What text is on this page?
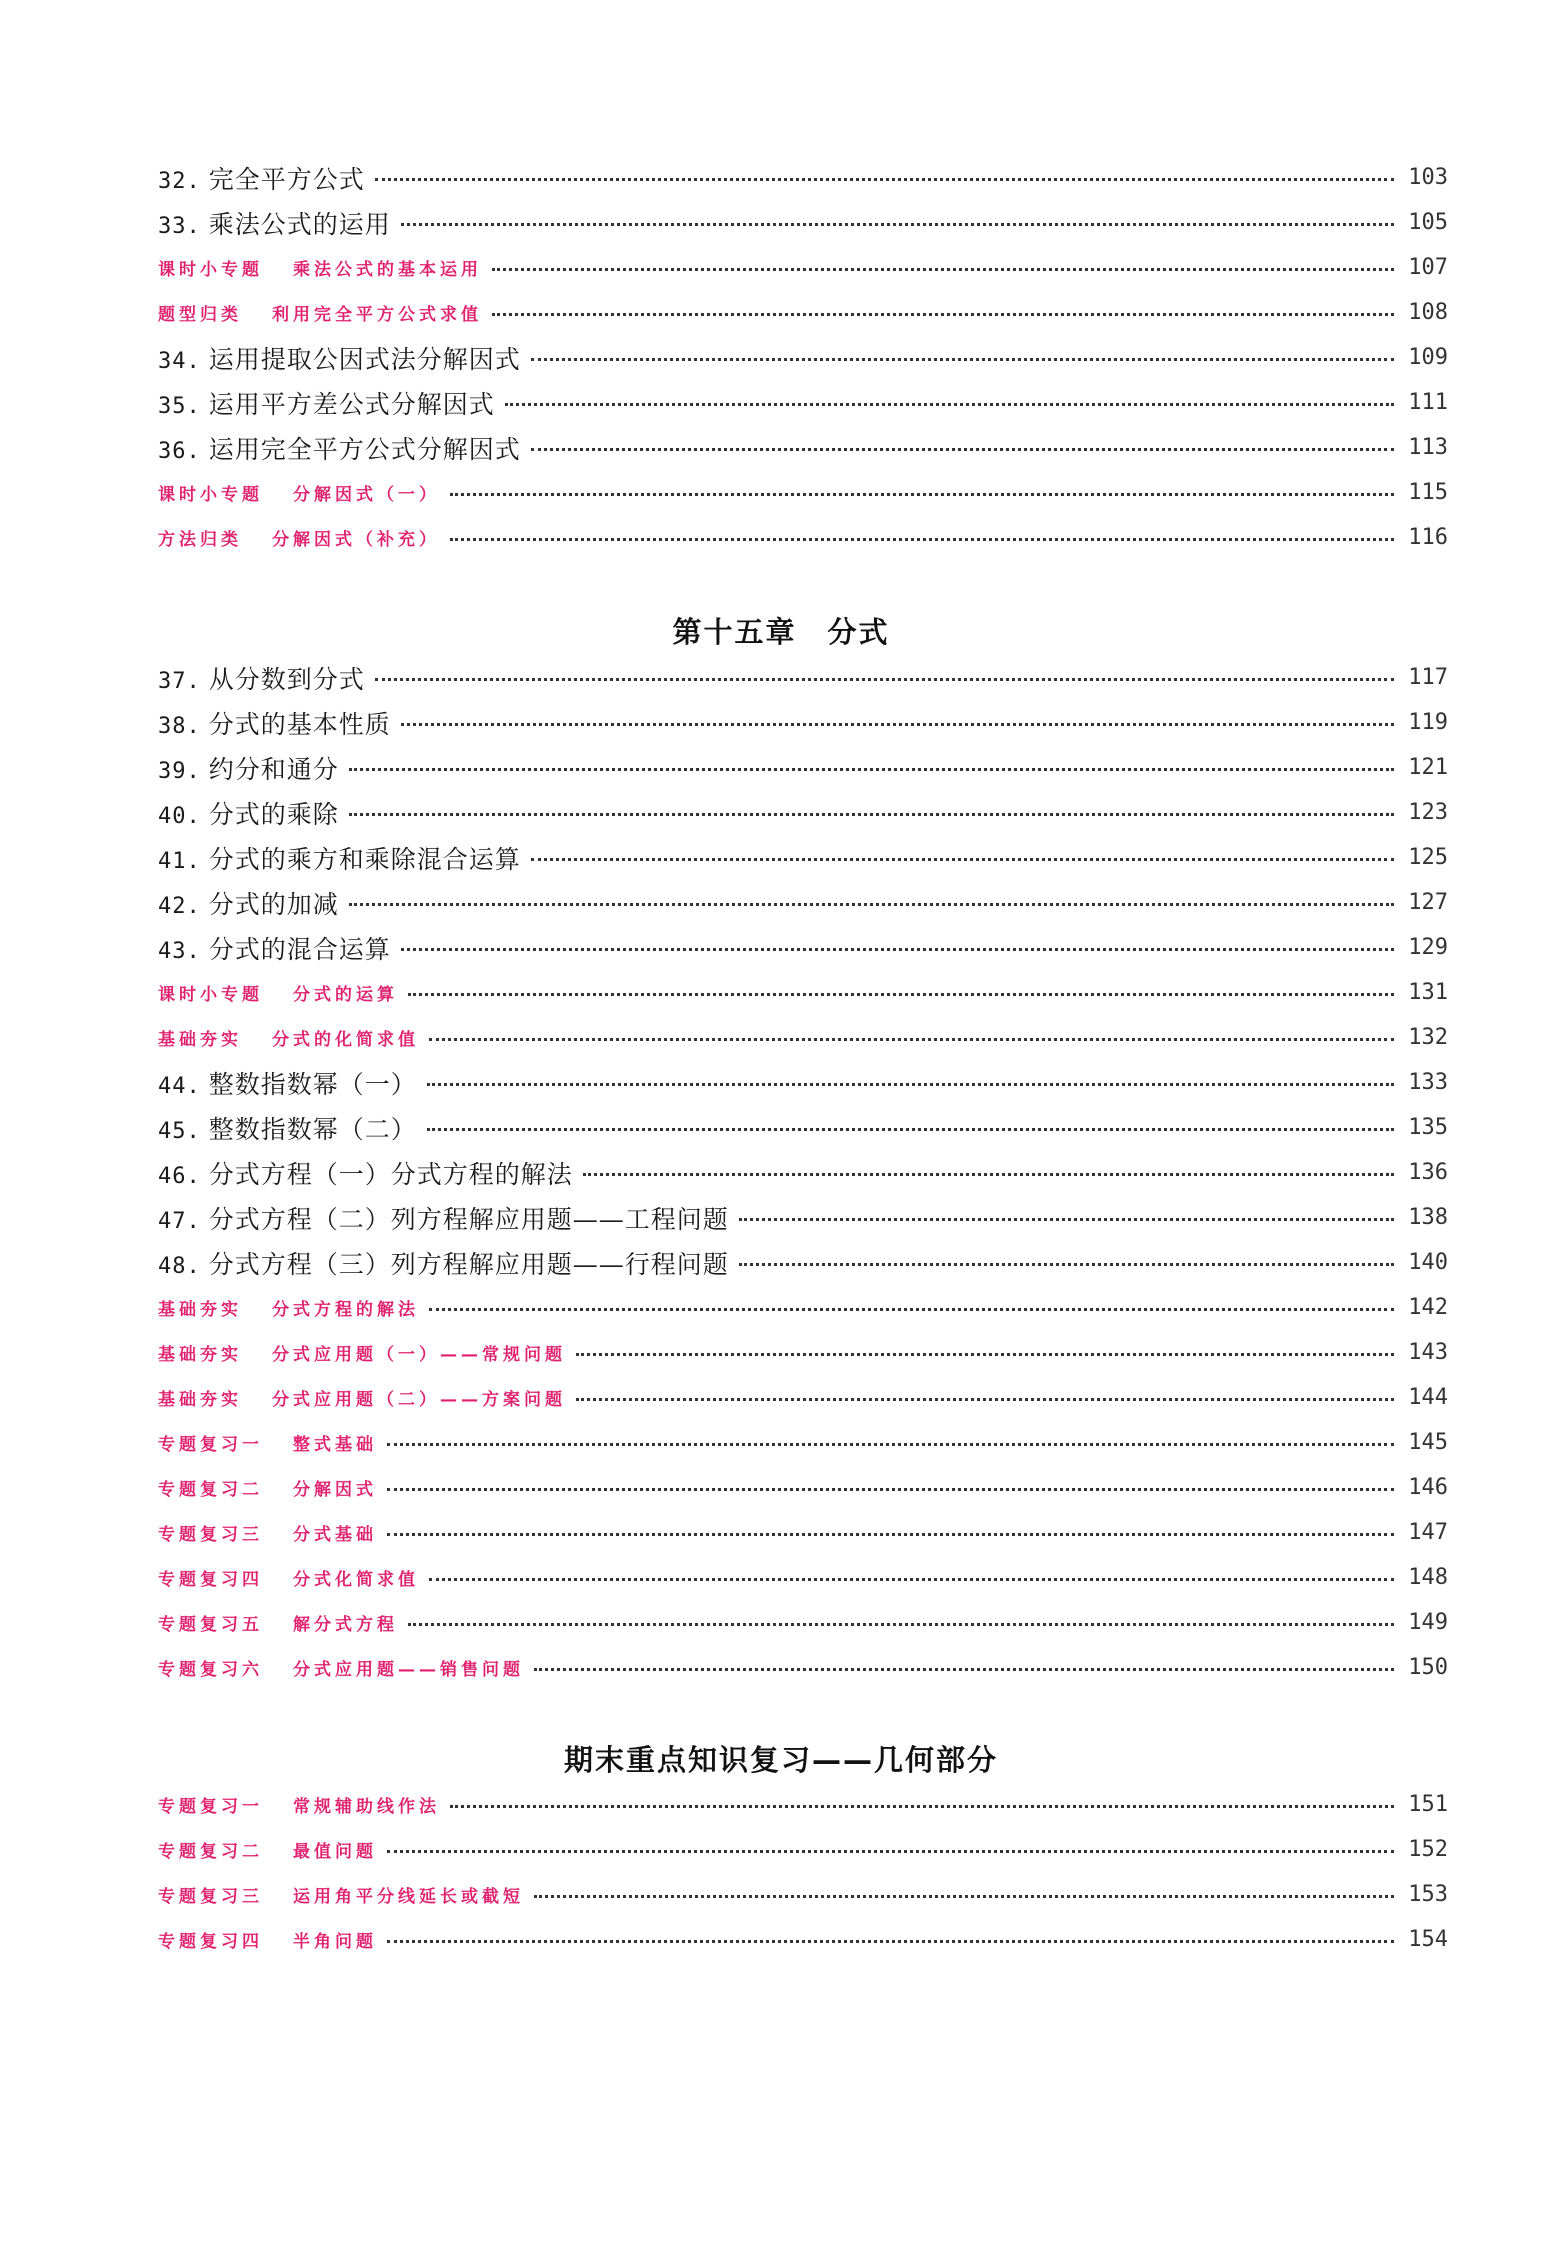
32. 完全平方公式	103
33. 乘法公式的运用	105
课时小专题 乘法公式的基本运用	107
题型归类 利用完全平方公式求值	108
34. 运用提取公因式法分解因式	109
35. 运用平方差公式分解因式	111
36. 运用完全平方公式分解因式	113
课时小专题 分解因式（一）	115
方法归类 分解因式（补充）	116
第十五章　分式
37. 从分数到分式	117
38. 分式的基本性质	119
39. 约分和通分	121
40. 分式的乘除	123
41. 分式的乘方和乘除混合运算	125
42. 分式的加减	127
43. 分式的混合运算	129
课时小专题 分式的运算	131
基础夯实 分式的化简求值	132
44. 整数指数幂（一）	133
45. 整数指数幂（二）	135
46. 分式方程（一）分式方程的解法	136
47. 分式方程（二）列方程解应用题——工程问题	138
48. 分式方程（三）列方程解应用题——行程问题	140
基础夯实 分式方程的解法	142
基础夯实 分式应用题（一）——常规问题	143
基础夯实 分式应用题（二）——方案问题	144
专题复习一 整式基础	145
专题复习二 分解因式	146
专题复习三 分式基础	147
专题复习四 分式化简求值	148
专题复习五 解分式方程	149
专题复习六 分式应用题——销售问题	150
期末重点知识复习——几何部分
专题复习一 常规辅助线作法	151
专题复习二 最值问题	152
专题复习三 运用角平分线延长或截短	153
专题复习四 半角问题	154
